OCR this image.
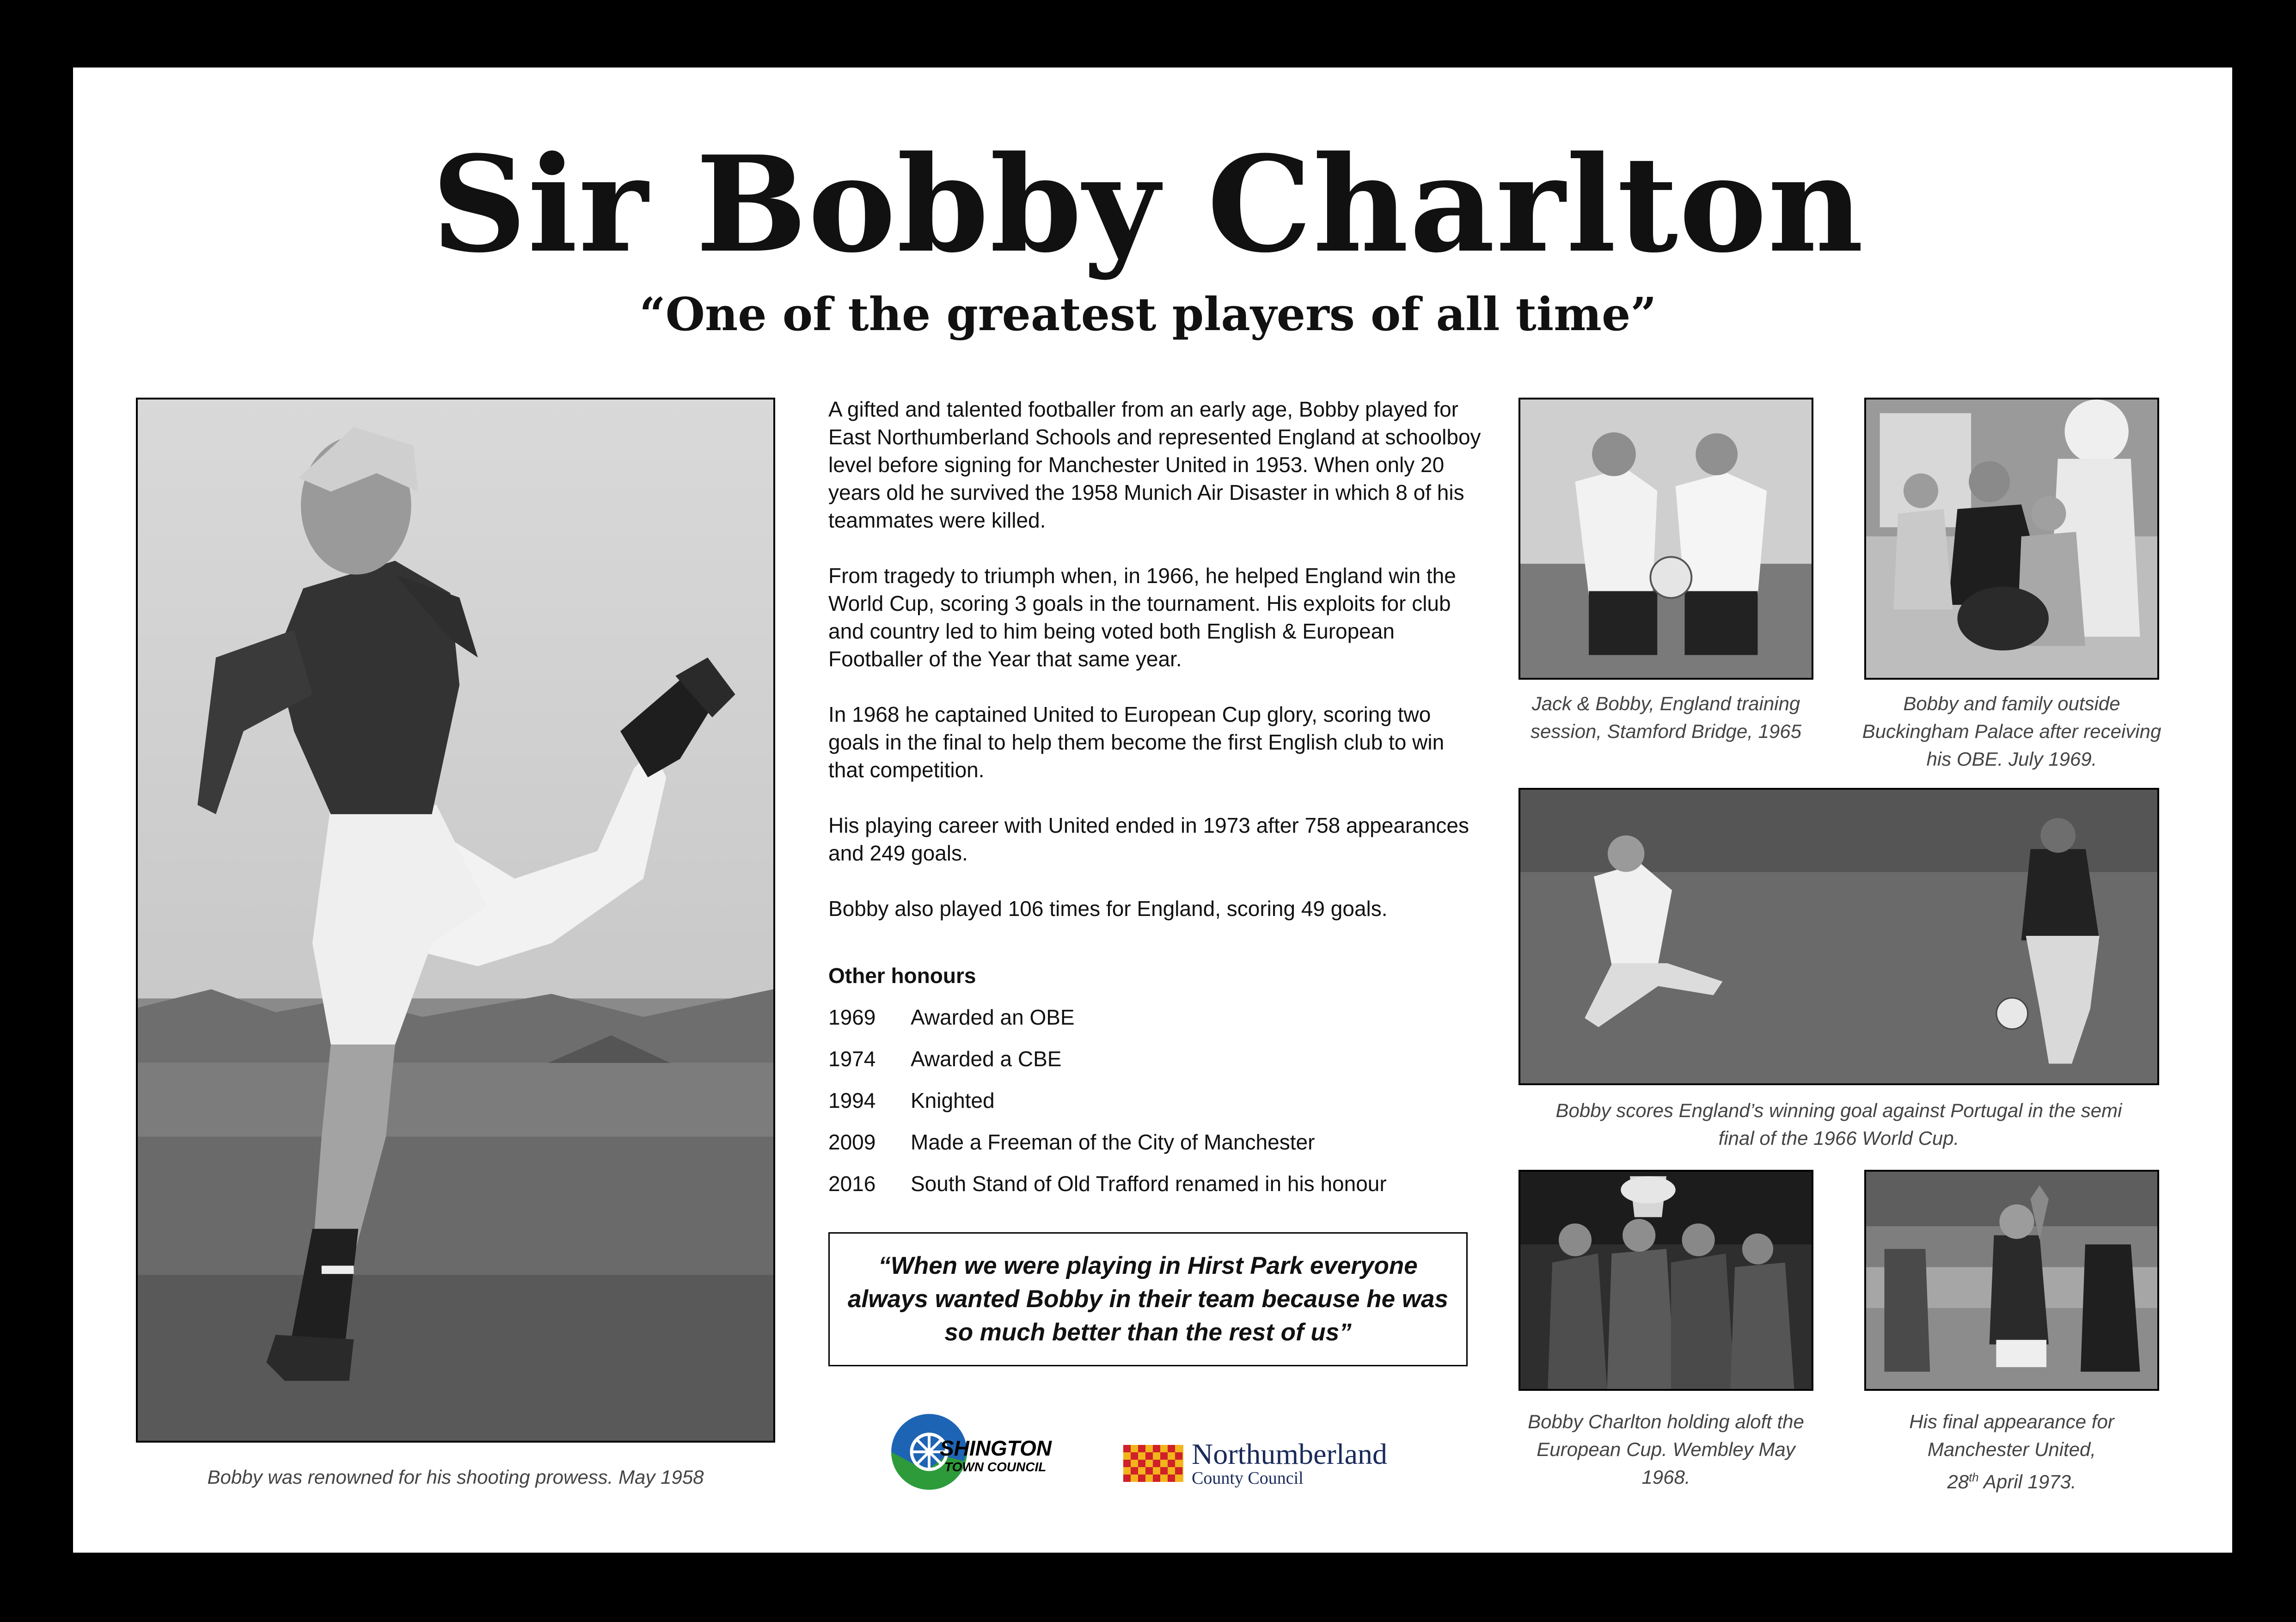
Sir Bobby Charlton
“One of the greatest players of all time”
Bobby was renowned for his shooting prowess. May 1958

A gifted and talented footballer from an early age, Bobby played for East Northumberland Schools and represented England at schoolboy level before signing for Manchester United in 1953. When only 20 years old he survived the 1958 Munich Air Disaster in which 8 of his teammates were killed.

From tragedy to triumph when, in 1966, he helped England win the World Cup, scoring 3 goals in the tournament. His exploits for club and country led to him being voted both English & European Footballer of the Year that same year.

In 1968 he captained United to European Cup glory, scoring two goals in the final to help them become the first English club to win that competition.

His playing career with United ended in 1973 after 758 appearances and 249 goals.

Bobby also played 106 times for England, scoring 49 goals.

Other honours
1969	Awarded an OBE
1974	Awarded a CBE
1994	Knighted
2009	Made a Freeman of the City of Manchester
2016	South Stand of Old Trafford renamed in his honour
“When we were playing in Hirst Park everyone always wanted Bobby in their team because he was so much better than the rest of us”
SHINGTON
TOWN COUNCIL	Northumberland
County Council
Jack & Bobby, England training session, Stamford Bridge, 1965
Bobby and family outside Buckingham Palace after receiving his OBE. July 1969.
Bobby scores England’s winning goal against Portugal in the semi final of the 1966 World Cup.
Bobby Charlton holding aloft the European Cup. Wembley May 1968.
His final appearance for
Manchester United,
28th April 1973.
